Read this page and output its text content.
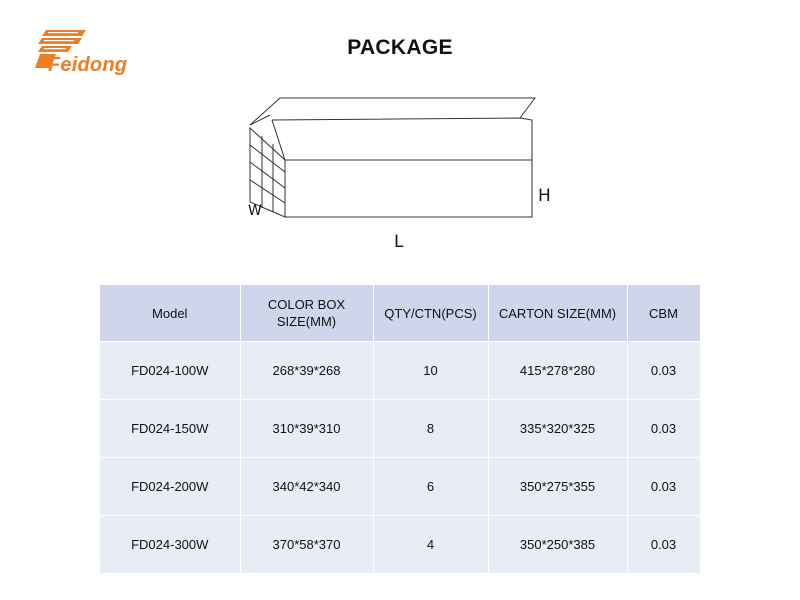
Feidong
PACKAGE
H
W
L
Model	COLOR BOX SIZE(MM)	QTY/CTN(PCS)	CARTON SIZE(MM)	CBM
FD024-100W	268*39*268	10	415*278*280	0.03
FD024-150W	310*39*310	8	335*320*325	0.03
FD024-200W	340*42*340	6	350*275*355	0.03
FD024-300W	370*58*370	4	350*250*385	0.03
